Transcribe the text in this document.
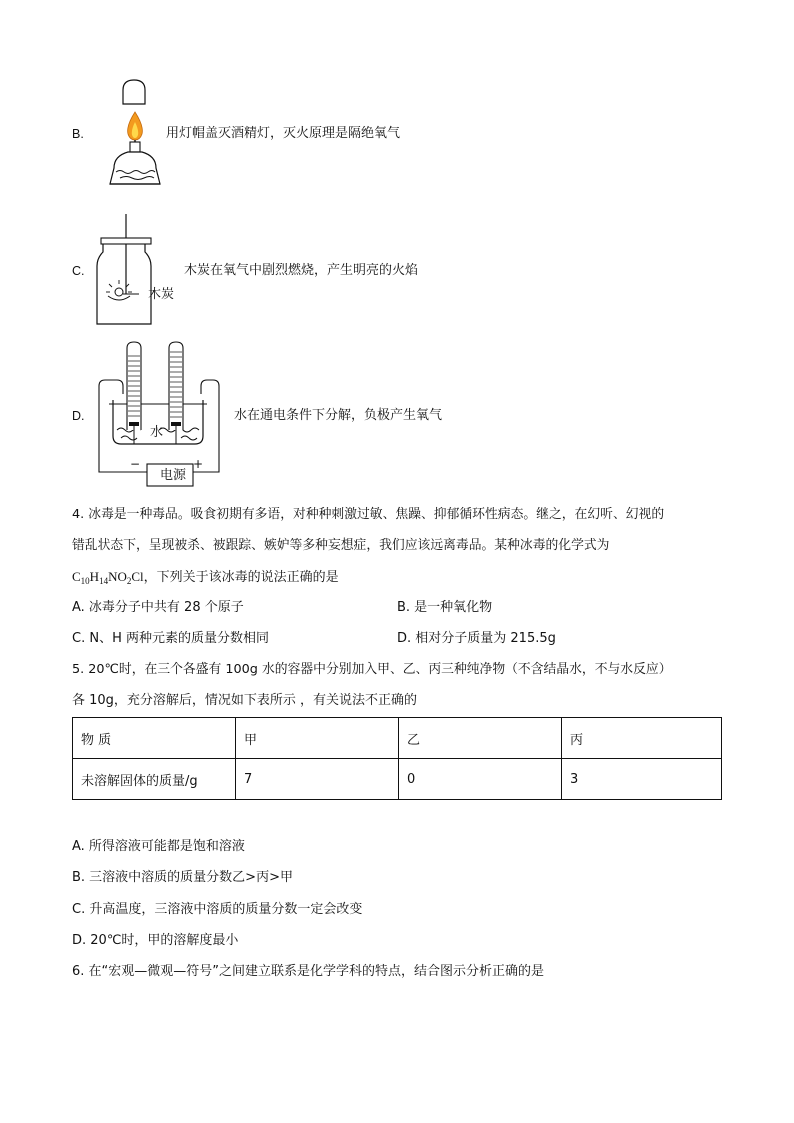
B.	用灯帽盖灭酒精灯，灭火原理是隔绝氧气
C.
木炭
木炭在氧气中剧烈燃烧，产生明亮的火焰
D.
水
电源
−	+
水在通电条件下分解，负极产生氧气
4. 冰毒是一种毒品。吸食初期有多语，对种种刺激过敏、焦躁、抑郁循环性病态。继之，在幻听、幻视的
错乱状态下，呈现被杀、被跟踪、嫉妒等多种妄想症，我们应该远离毒品。某种冰毒的化学式为
$C_{10}H_{14}NO_2Cl$，下列关于该冰毒的说法正确的是
A. 冰毒分子中共有 28 个原子	B. 是一种氧化物
C. N、H 两种元素的质量分数相同	D. 相对分子质量为 215.5g
5. 20℃时，在三个各盛有 100g 水的容器中分别加入甲、乙、丙三种纯净物（不含结晶水，不与水反应）
各 10g，充分溶解后，情况如下表所示 ，有关说法不正确的
物 质	甲	乙	丙
未溶解固体的质量/g	7	0	3
A. 所得溶液可能都是饱和溶液
B. 三溶液中溶质的质量分数乙>丙>甲
C. 升高温度，三溶液中溶质的质量分数一定会改变
D. 20℃时，甲的溶解度最小
6. 在“宏观—微观—符号”之间建立联系是化学学科的特点，结合图示分析正确的是
